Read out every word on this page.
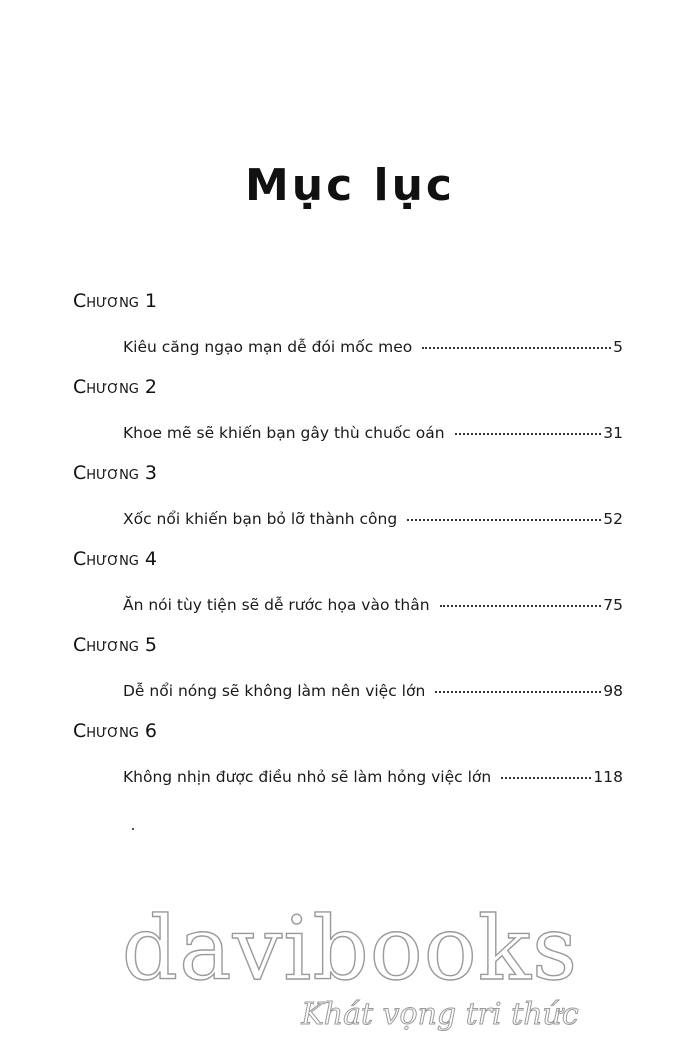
Mục lục
Chương 1
Kiêu căng ngạo mạn dễ đói mốc meo	5
Chương 2
Khoe mẽ sẽ khiến bạn gây thù chuốc oán	31
Chương 3
Xốc nổi khiến bạn bỏ lỡ thành công	52
Chương 4
Ăn nói tùy tiện sẽ dễ rước họa vào thân	75
Chương 5
Dễ nổi nóng sẽ không làm nên việc lớn	98
Chương 6
Không nhịn được điều nhỏ sẽ làm hỏng việc lớn	118
davibooks
Khát vọng tri thức
